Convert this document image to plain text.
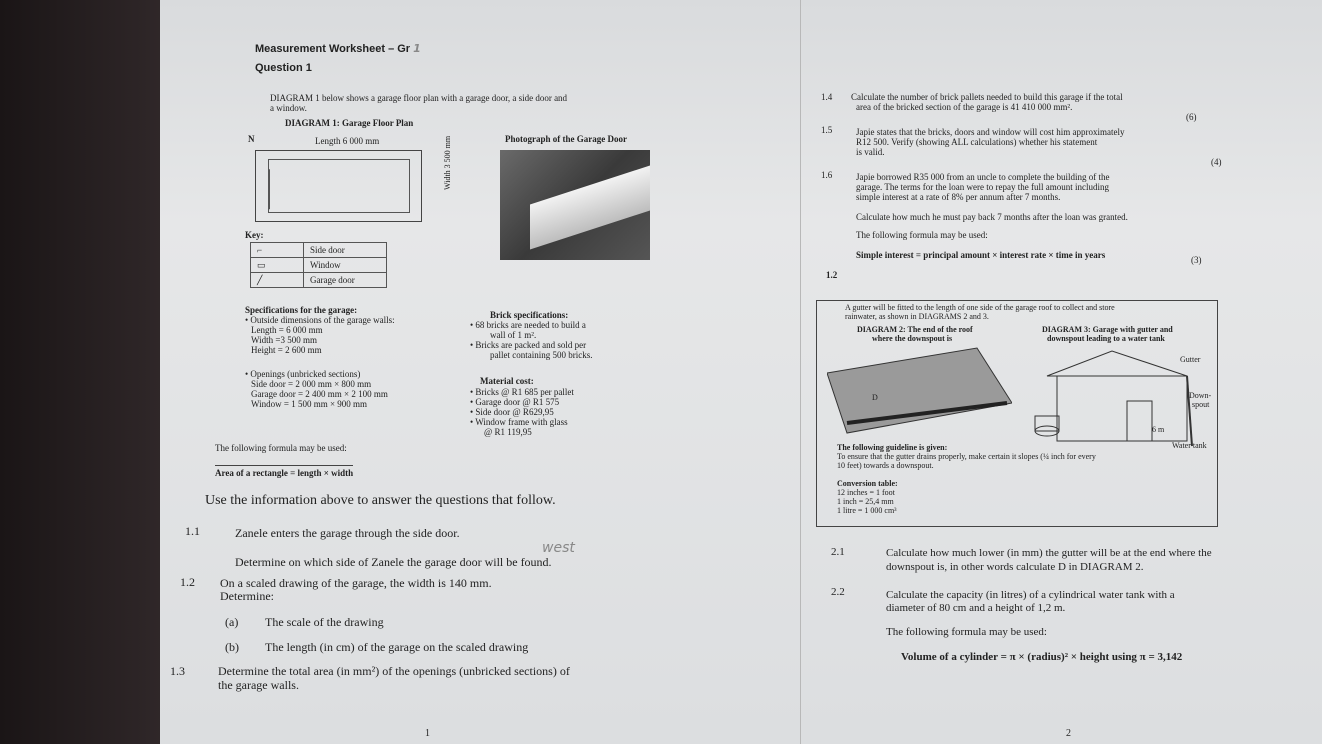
Measurement Worksheet – Gr 1
Question 1
DIAGRAM 1 below shows a garage floor plan with a garage door, a side door and
a window.
DIAGRAM 1: Garage Floor Plan
N	Length 6 000 mm	Width 3 500 mm	Photograph of the Garage Door
Key:
⌐	Side door
▭	Window
╱	Garage door
Specifications for the garage:
• Outside dimensions of the garage walls:
Length = 6 000 mm
Width =3 500 mm
Height = 2 600 mm
• Openings (unbricked sections)
Side door = 2 000 mm × 800 mm
Garage door = 2 400 mm × 2 100 mm
Window = 1 500 mm × 900 mm
Brick specifications:
• 68 bricks are needed to build a
wall of 1 m².
• Bricks are packed and sold per
pallet containing 500 bricks.
Material cost:
• Bricks @ R1 685 per pallet
• Garage door @ R1 575
• Side door @ R629,95
• Window frame with glass
@ R1 119,95
The following formula may be used:
Area of a rectangle = length × width
Use the information above to answer the questions that follow.
1.1	Zanele enters the garage through the side door.
west
Determine on which side of Zanele the garage door will be found.
1.2 On a scaled drawing of the garage, the width is 140 mm.
Determine:
(a) The scale of the drawing
(b) The length (in cm) of the garage on the scaled drawing
1.3	Determine the total area (in mm²) of the openings (unbricked sections) of
the garage walls.
1
1.4 Calculate the number of brick pallets needed to build this garage if the total
area of the bricked section of the garage is 41 410 000 mm².
(6)
1.5	Japie states that the bricks, doors and window will cost him approximately
R12 500. Verify (showing ALL calculations) whether his statement
is valid.
(4)
1.6	Japie borrowed R35 000 from an uncle to complete the building of the
garage. The terms for the loan were to repay the full amount including
simple interest at a rate of 8% per annum after 7 months.
Calculate how much he must pay back 7 months after the loan was granted.
The following formula may be used:
Simple interest = principal amount × interest rate × time in years	(3)
1.2
A gutter will be fitted to the length of one side of the garage roof to collect and store
rainwater, as shown in DIAGRAMS 2 and 3.
DIAGRAM 2: The end of the roof
where the downspout is
DIAGRAM 3: Garage with gutter and
downspout leading to a water tank
D
Gutter
Down-
spout
6 m
Water tank
The following guideline is given:
To ensure that the gutter drains properly, make certain it slopes (¼ inch for every
10 feet) towards a downspout.
Conversion table:
12 inches = 1 foot
1 inch = 25,4 mm
1 litre = 1 000 cm³
2.1	Calculate how much lower (in mm) the gutter will be at the end where the
downspout is, in other words calculate D in DIAGRAM 2.
2.2	Calculate the capacity (in litres) of a cylindrical water tank with a
diameter of 80 cm and a height of 1,2 m.
The following formula may be used:
Volume of a cylinder = π × (radius)² × height using π = 3,142
2
